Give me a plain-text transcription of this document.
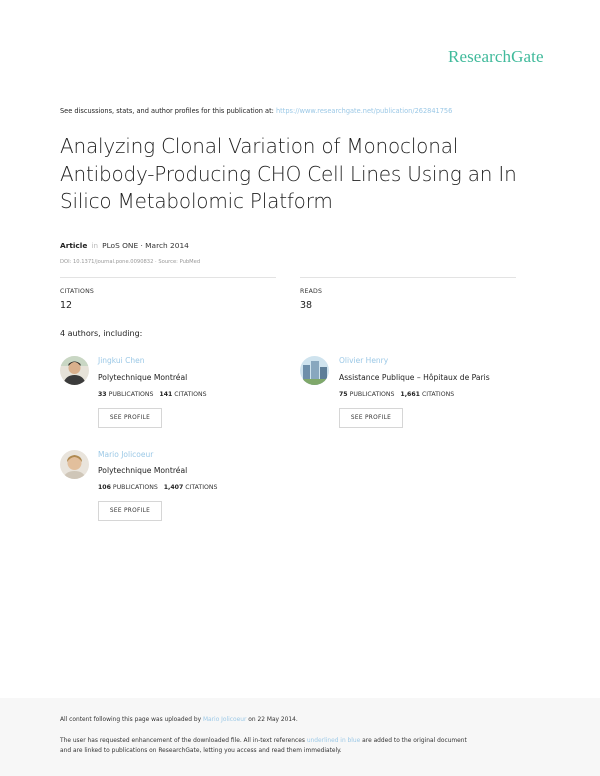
ResearchGate
See discussions, stats, and author profiles for this publication at: https://www.researchgate.net/publication/262841756
Analyzing Clonal Variation of Monoclonal Antibody-Producing CHO Cell Lines Using an In Silico Metabolomic Platform
Article in PLoS ONE · March 2014
DOI: 10.1371/journal.pone.0090832 · Source: PubMed
CITATIONS
12
READS
38
4 authors, including:
Jingkui Chen
Polytechnique Montréal
33 PUBLICATIONS 141 CITATIONS
SEE PROFILE
Olivier Henry
Assistance Publique – Hôpitaux de Paris
75 PUBLICATIONS 1,661 CITATIONS
SEE PROFILE
Mario Jolicoeur
Polytechnique Montréal
106 PUBLICATIONS 1,407 CITATIONS
SEE PROFILE
All content following this page was uploaded by Mario Jolicoeur on 22 May 2014.
The user has requested enhancement of the downloaded file. All in-text references underlined in blue are added to the original document
and are linked to publications on ResearchGate, letting you access and read them immediately.
